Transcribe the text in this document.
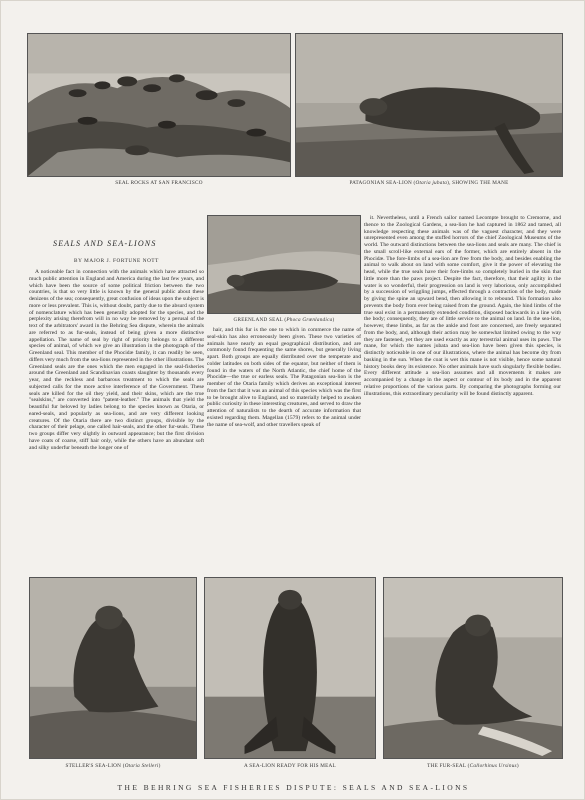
SEAL ROCKS AT SAN FRANCISCO	PATAGONIAN SEA-LION (Otaria jubata), SHOWING THE MANE
SEALS AND SEA-LIONS
BY MAJOR J. FORTUNE NOTT
GREENLAND SEAL (Phoca Grœnlandica)

A noticeable fact in connection with the animals which have attracted so much public attention in England and America during the last few years, and which have been the source of some political friction between the two countries, is that so very little is known by the general public about these denizens of the sea; consequently, great confusion of ideas upon the subject is more or less prevalent. This is, without doubt, partly due to the absurd system of nomenclature which has been generally adopted for the species, and the perplexity arising therefrom will in no way be removed by a perusal of the text of the arbitrators' award in the Behring Sea dispute, wherein the animals are referred to as fur-seals, instead of being given a more distinctive appellation. The name of seal by right of priority belongs to a different species of animal, of which we give an illustration in the photograph of the Greenland seal. This member of the Phocidæ family, it can readily be seen, differs very much from the sea-lions represented in the other illustrations. The Greenland seals are the ones which the men engaged in the seal-fisheries around the Greenland and Scandinavian coasts slaughter by thousands every year, and the reckless and barbarous treatment to which the seals are subjected calls for the more active interference of the Government. These seals are killed for the oil they yield, and their skins, which are the true "sealskins," are converted into "patent-leather." The animals that yield the beautiful fur beloved by ladies belong to the species known as Otaria, or eared-seals, and popularly as sea-lions, and are very different looking creatures. Of the Otaria there are two distinct groups, divisible by the character of their pelage, one called hair-seals, and the other fur-seals. These two groups differ very slightly in outward appearance; but the first division have coats of coarse, stiff hair only, while the others have an abundant soft and silky underfur beneath the longer one of

hair, and this fur is the one to which in commerce the name of seal-skin has also erroneously been given. These two varieties of animals have nearly an equal geographical distribution, and are commonly found frequenting the same shores, but generally living apart. Both groups are equally distributed over the temperate and colder latitudes on both sides of the equator, but neither of them is found in the waters of the North Atlantic, the chief home of the Phocidæ—the true or earless seals. The Patagonian sea-lion is the member of the Otaria family which derives an exceptional interest from the fact that it was an animal of this species which was the first to be brought alive to England, and so materially helped to awaken public curiosity in these interesting creatures, and served to draw the attention of naturalists to the dearth of accurate information that existed regarding them. Magellan (1579) refers to the animal under the name of sea-wolf, and other travellers speak of

it. Nevertheless, until a French sailor named Lecompte brought to Cremorne, and thence to the Zoological Gardens, a sea-lion he had captured in 1862 and tamed, all knowledge respecting these animals was of the vaguest character, and they were unrepresented even among the stuffed horrors of the chief Zoological Museums of the world. The outward distinctions between the sea-lions and seals are many. The chief is the small scroll-like external ears of the former, which are entirely absent in the Phocidæ. The fore-limbs of a sea-lion are free from the body, and besides enabling the animal to walk about on land with some comfort, give it the power of elevating the head, while the true seals have their fore-limbs so completely buried in the skin that little more than the paws project. Despite the fact, therefore, that their agility in the water is so wonderful, their progression on land is very laborious, only accomplished by a succession of wriggling jumps, effected through a contraction of the body, made by giving the spine an upward bend, then allowing it to rebound. This formation also prevents the body from ever being raised from the ground. Again, the hind limbs of the true seal exist in a permanently extended condition, disposed backwards in a line with the body; consequently, they are of little service to the animal on land. In the sea-lion, however, these limbs, as far as the ankle and foot are concerned, are freely separated from the body, and, although their action may be somewhat limited owing to the way they are fastened, yet they are used exactly as any terrestrial animal uses its paws. The mane, for which the names jubata and sea-lion have been given this species, is distinctly noticeable in one of our illustrations, where the animal has become dry from basking in the sun. When the coat is wet this mane is not visible, hence some natural history books deny its existence. No other animals have such singularly flexible bodies. Every different attitude a sea-lion assumes and all movements it makes are accompanied by a change in the aspect or contour of its body and in the apparent relative proportions of the various parts. By comparing the photographs forming our illustrations, this extraordinary peculiarity will be found distinctly apparent.

STELLER'S SEA-LION (Otaria Stelleri)	A SEA-LION READY FOR HIS MEAL	THE FUR-SEAL (Callorhinus Ursinus)
THE BEHRING SEA FISHERIES DISPUTE: SEALS AND SEA-LIONS
